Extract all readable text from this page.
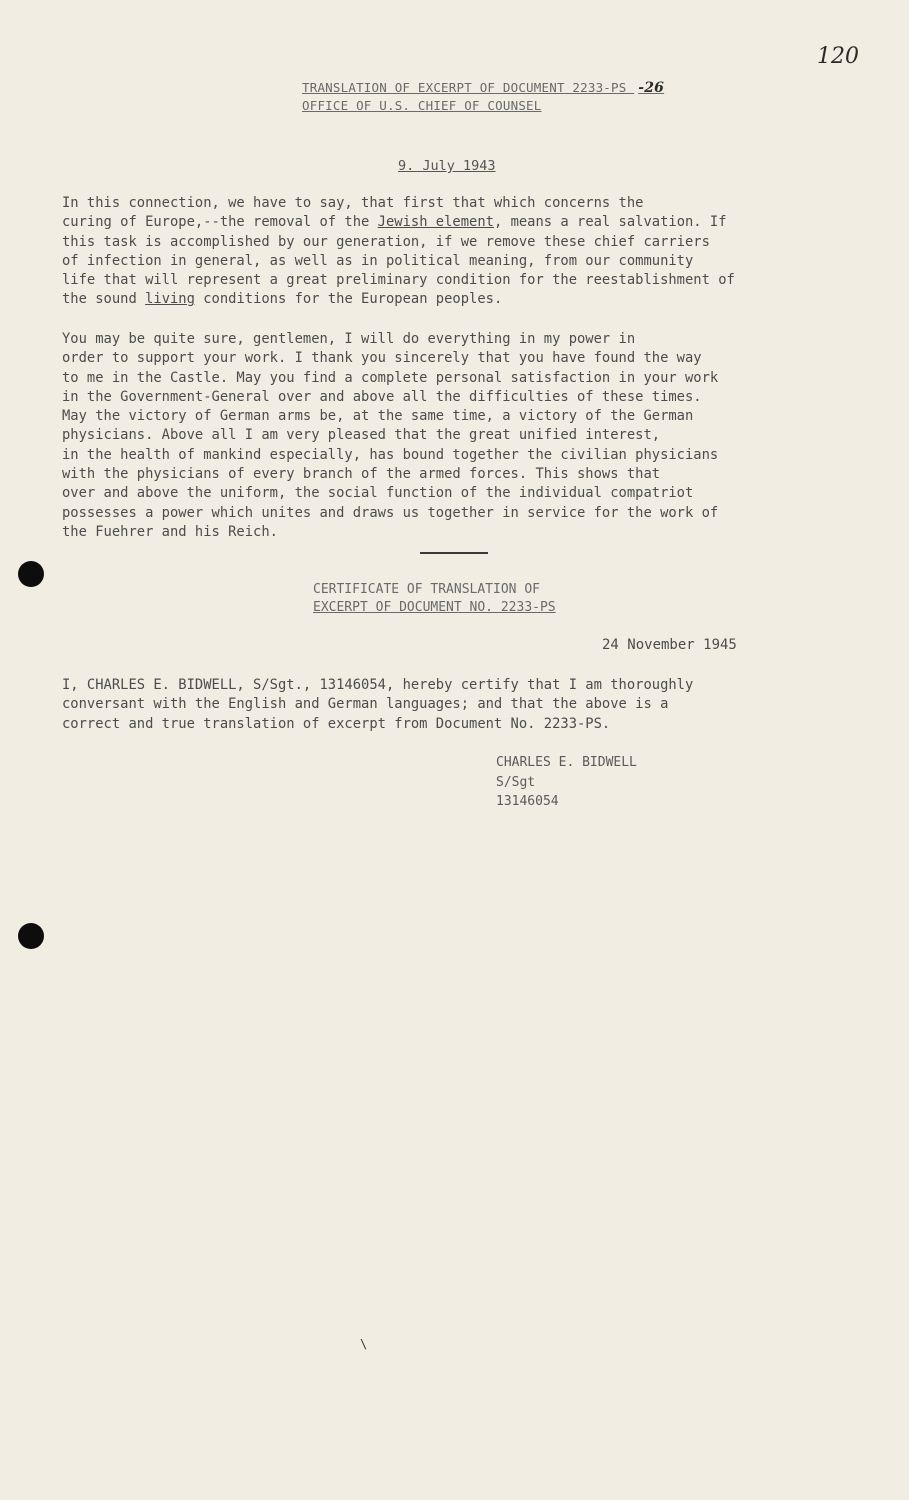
120
TRANSLATION OF EXCERPT OF DOCUMENT 2233-PS -26
OFFICE OF U.S. CHIEF OF COUNSEL
9. July 1943
In this connection, we have to say, that first that which concerns the
curing of Europe,--the removal of the Jewish element, means a real salvation. If
this task is accomplished by our generation, if we remove these chief carriers
of infection in general, as well as in political meaning, from our community
life that will represent a great preliminary condition for the reestablishment of
the sound living conditions for the European peoples.
You may be quite sure, gentlemen, I will do everything in my power in
order to support your work. I thank you sincerely that you have found the way
to me in the Castle. May you find a complete personal satisfaction in your work
in the Government-General over and above all the difficulties of these times.
May the victory of German arms be, at the same time, a victory of the German
physicians. Above all I am very pleased that the great unified interest,
in the health of mankind especially, has bound together the civilian physicians
with the physicians of every branch of the armed forces. This shows that
over and above the uniform, the social function of the individual compatriot
possesses a power which unites and draws us together in service for the work of
the Fuehrer and his Reich.
CERTIFICATE OF TRANSLATION OF
EXCERPT OF DOCUMENT NO. 2233-PS
24 November 1945
I, CHARLES E. BIDWELL, S/Sgt., 13146054, hereby certify that I am thoroughly
conversant with the English and German languages; and that the above is a
correct and true translation of excerpt from Document No. 2233-PS.
CHARLES E. BIDWELL
S/Sgt
13146054
\
